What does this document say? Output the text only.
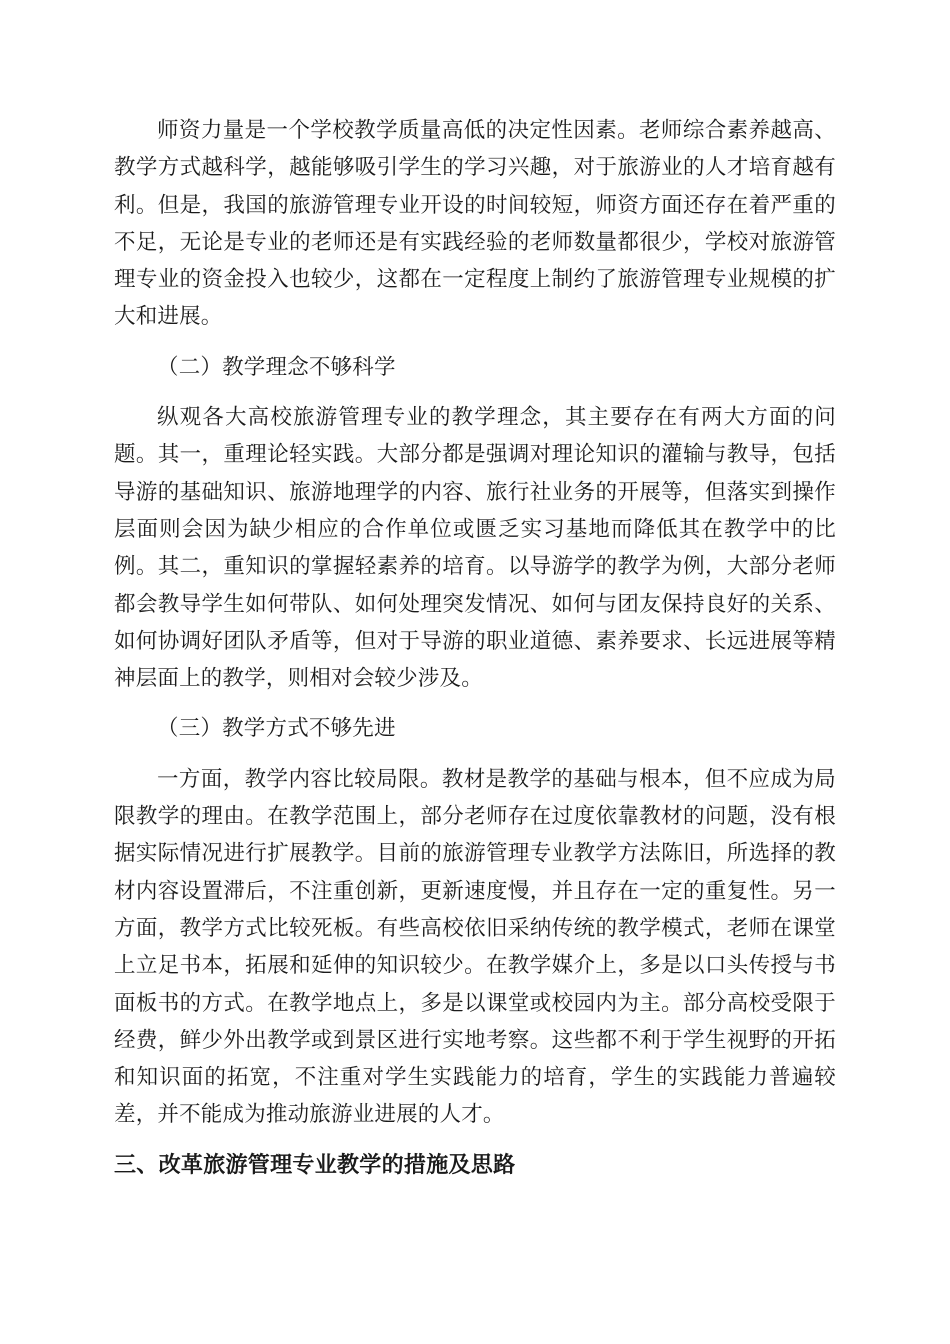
师资力量是一个学校教学质量高低的决定性因素。老师综合素养越高、教学方式越科学，越能够吸引学生的学习兴趣，对于旅游业的人才培育越有利。但是，我国的旅游管理专业开设的时间较短，师资方面还存在着严重的不足，无论是专业的老师还是有实践经验的老师数量都很少，学校对旅游管理专业的资金投入也较少，这都在一定程度上制约了旅游管理专业规模的扩大和进展。

（二）教学理念不够科学

纵观各大高校旅游管理专业的教学理念，其主要存在有两大方面的问题。其一，重理论轻实践。大部分都是强调对理论知识的灌输与教导，包括导游的基础知识、旅游地理学的内容、旅行社业务的开展等，但落实到操作层面则会因为缺少相应的合作单位或匮乏实习基地而降低其在教学中的比例。其二，重知识的掌握轻素养的培育。以导游学的教学为例，大部分老师都会教导学生如何带队、如何处理突发情况、如何与团友保持良好的关系、如何协调好团队矛盾等，但对于导游的职业道德、素养要求、长远进展等精神层面上的教学，则相对会较少涉及。

（三）教学方式不够先进

一方面，教学内容比较局限。教材是教学的基础与根本，但不应成为局限教学的理由。在教学范围上，部分老师存在过度依靠教材的问题，没有根据实际情况进行扩展教学。目前的旅游管理专业教学方法陈旧，所选择的教材内容设置滞后，不注重创新，更新速度慢，并且存在一定的重复性。另一方面，教学方式比较死板。有些高校依旧采纳传统的教学模式，老师在课堂上立足书本，拓展和延伸的知识较少。在教学媒介上，多是以口头传授与书面板书的方式。在教学地点上，多是以课堂或校园内为主。部分高校受限于经费，鲜少外出教学或到景区进行实地考察。这些都不利于学生视野的开拓和知识面的拓宽，不注重对学生实践能力的培育，学生的实践能力普遍较差，并不能成为推动旅游业进展的人才。

三、改革旅游管理专业教学的措施及思路
